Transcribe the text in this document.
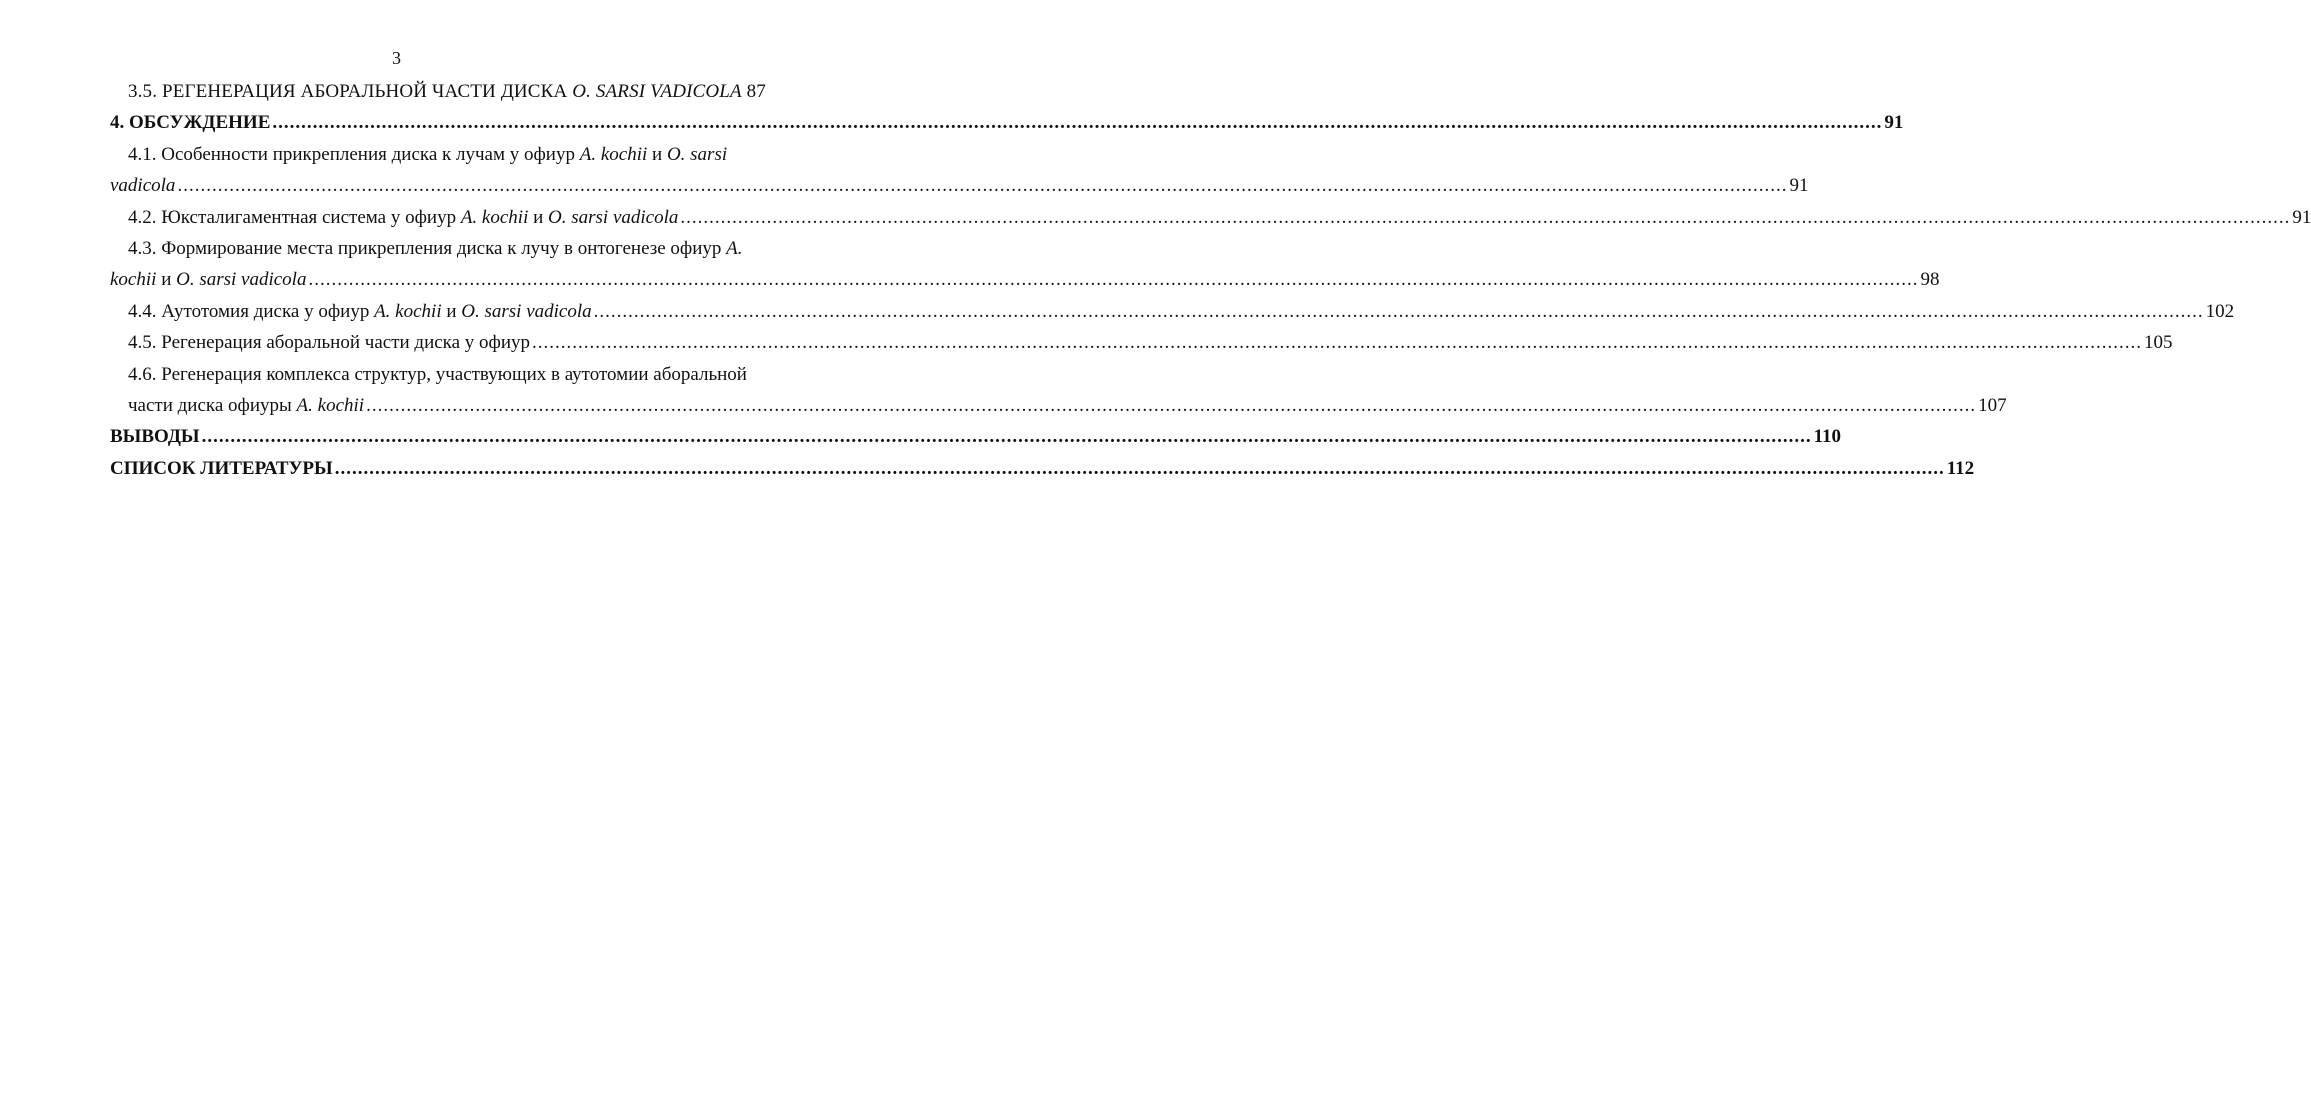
3
3.5. РЕГЕНЕРАЦИЯ АБОРАЛЬНОЙ ЧАСТИ ДИСКА O. SARSI VADICOLA 87
4. ОБСУЖДЕНИЕ .....	91
4.1. Особенности прикрепления диска к лучам у офиур A. kochii и O. sarsi
vadicola .....	91
4.2. Юксталигаментная система у офиур A. kochii и O. sarsi vadicola .....	91
4.3. Формирование места прикрепления диска к лучу в онтогенезе офиур A.
kochii и O. sarsi vadicola .....	98
4.4. Аутотомия диска у офиур A. kochii и O. sarsi vadicola .....	102
4.5. Регенерация аборальной части диска у офиур .....	105
4.6. Регенерация комплекса структур, участвующих в аутотомии аборальной
части диска офиуры A. kochii .....	107
ВЫВОДЫ .....	110
СПИСОК ЛИТЕРАТУРЫ .....	112
